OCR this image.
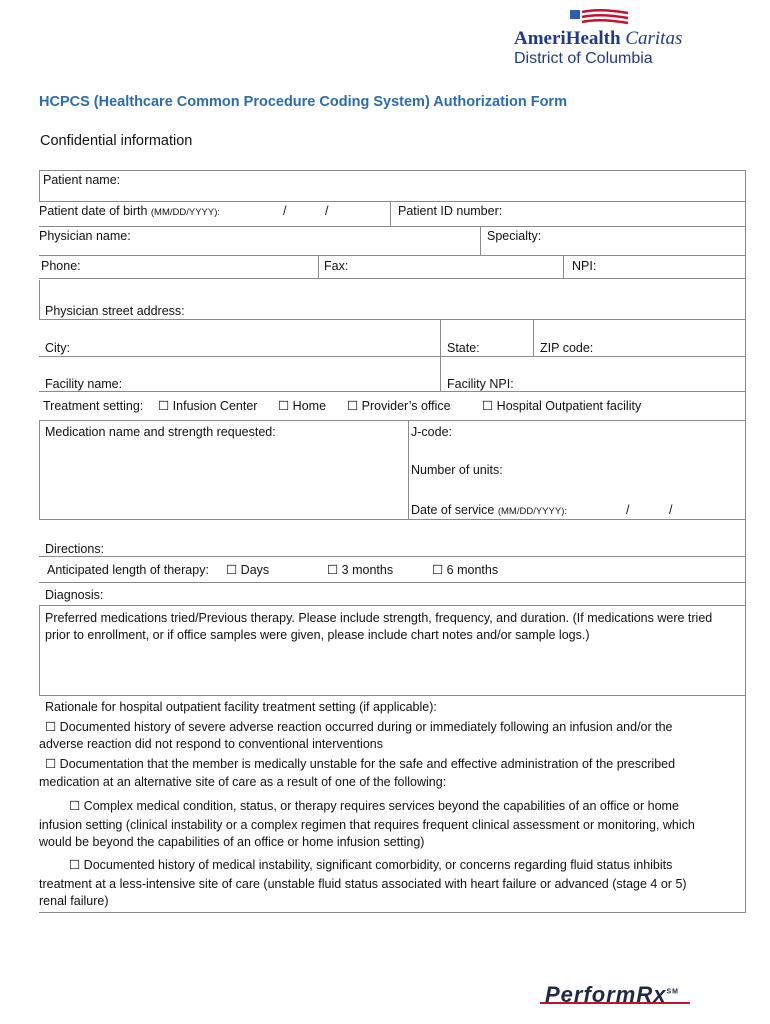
AmeriHealth Caritas
District of Columbia
HCPCS (Healthcare Common Procedure Coding System) Authorization Form
Confidential information
Patient name:
Patient date of birth (MM/DD/YYYY):	/	/	Patient ID number:
Physician name:	Specialty:
Phone:	Fax:	NPI:
Physician street address:
City:	State:	ZIP code:
Facility name:	Facility NPI:
Treatment setting: ☐ Infusion Center ☐ Home ☐ Provider’s office	☐ Hospital Outpatient facility
Medication name and strength requested:	J-code:
Number of units:
Date of service (MM/DD/YYYY):	/	/
Directions:
Anticipated length of therapy: ☐ Days	☐ 3 months	☐ 6 months
Diagnosis:
Preferred medications tried/Previous therapy. Please include strength, frequency, and duration. (If medications were tried
prior to enrollment, or if office samples were given, please include chart notes and/or sample logs.)
Rationale for hospital outpatient facility treatment setting (if applicable):
☐ Documented history of severe adverse reaction occurred during or immediately following an infusion and/or the
adverse reaction did not respond to conventional interventions
☐ Documentation that the member is medically unstable for the safe and effective administration of the prescribed
medication at an alternative site of care as a result of one of the following:
☐ Complex medical condition, status, or therapy requires services beyond the capabilities of an office or home
infusion setting (clinical instability or a complex regimen that requires frequent clinical assessment or monitoring, which
would be beyond the capabilities of an office or home infusion setting)
☐ Documented history of medical instability, significant comorbidity, or concerns regarding fluid status inhibits
treatment at a less-intensive site of care (unstable fluid status associated with heart failure or advanced (stage 4 or 5)
renal failure)
PerformRx℠
